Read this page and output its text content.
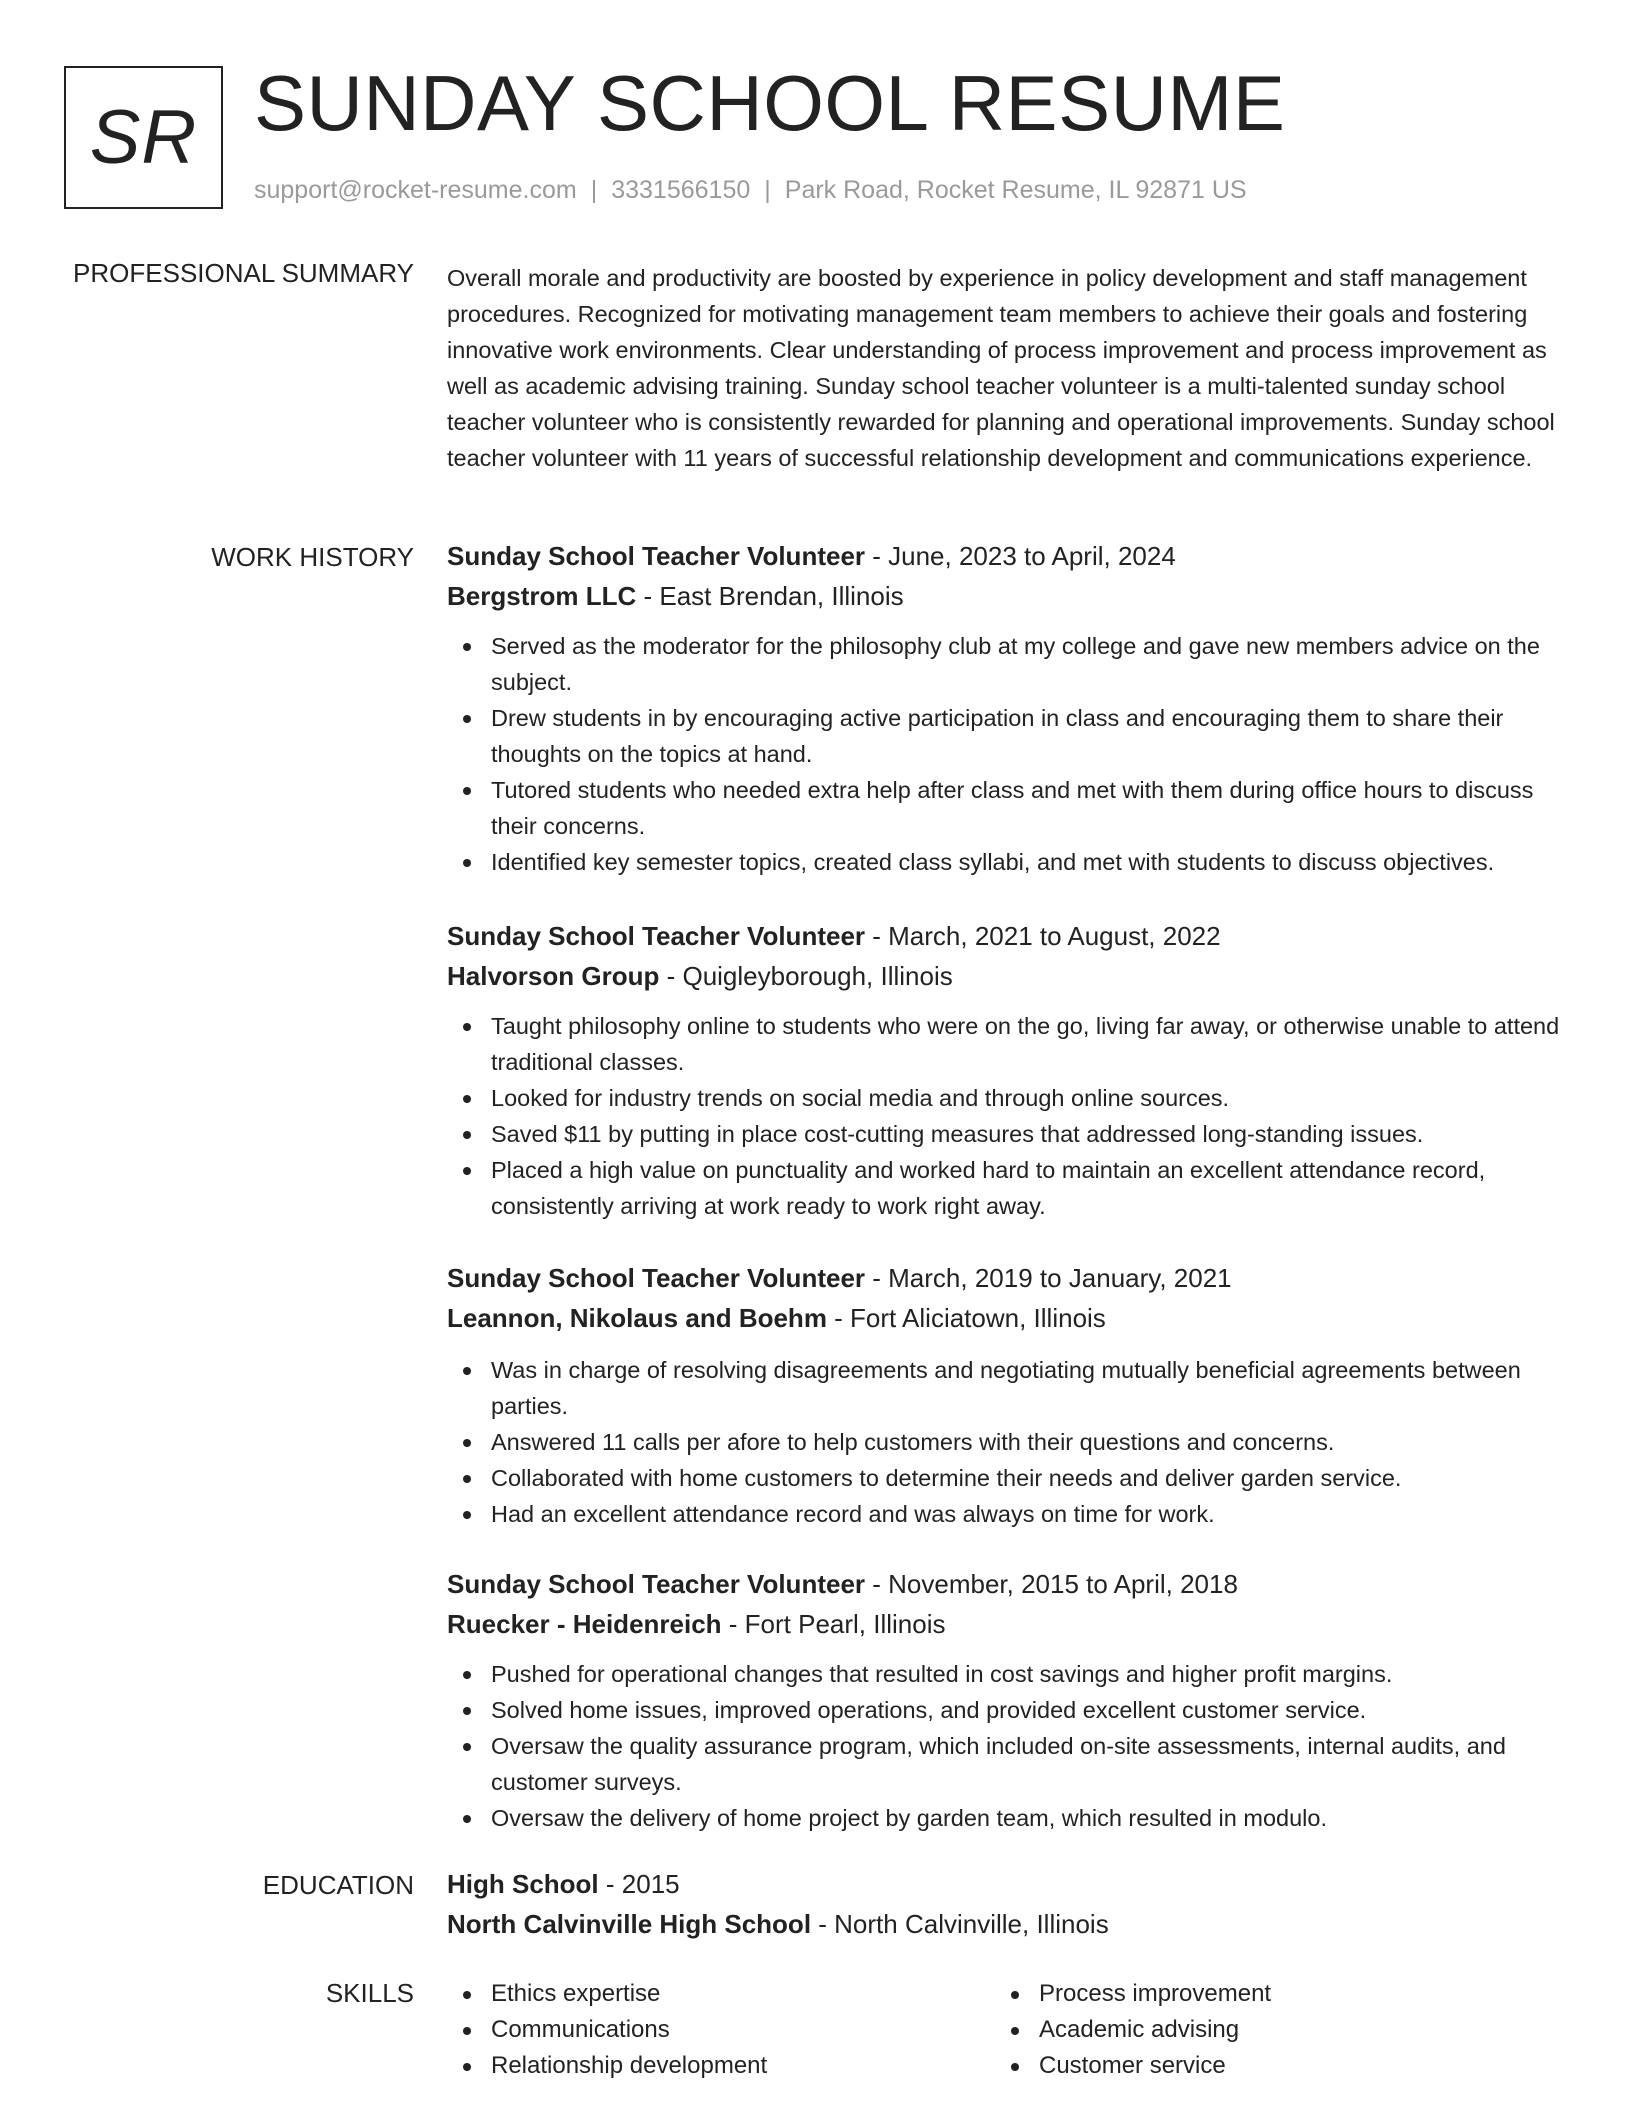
SR SUNDAY SCHOOL RESUME
support@rocket-resume.com | 3331566150 | Park Road, Rocket Resume, IL 92871 US
PROFESSIONAL SUMMARY Overall morale and productivity are boosted by experience in policy development and staff management procedures. Recognized for motivating management team members to achieve their goals and fostering innovative work environments. Clear understanding of process improvement and process improvement as well as academic advising training. Sunday school teacher volunteer is a multi-talented sunday school teacher volunteer who is consistently rewarded for planning and operational improvements. Sunday school teacher volunteer with 11 years of successful relationship development and communications experience.

WORK HISTORY Sunday School Teacher Volunteer - June, 2023 to April, 2024
Bergstrom LLC - East Brendan, Illinois
Served as the moderator for the philosophy club at my college and gave new members advice on the subject.
Drew students in by encouraging active participation in class and encouraging them to share their thoughts on the topics at hand.
Tutored students who needed extra help after class and met with them during office hours to discuss their concerns.
Identified key semester topics, created class syllabi, and met with students to discuss objectives.
Sunday School Teacher Volunteer - March, 2021 to August, 2022
Halvorson Group - Quigleyborough, Illinois
Taught philosophy online to students who were on the go, living far away, or otherwise unable to attend traditional classes.
Looked for industry trends on social media and through online sources.
Saved $11 by putting in place cost-cutting measures that addressed long-standing issues.
Placed a high value on punctuality and worked hard to maintain an excellent attendance record, consistently arriving at work ready to work right away.
Sunday School Teacher Volunteer - March, 2019 to January, 2021
Leannon, Nikolaus and Boehm - Fort Aliciatown, Illinois
Was in charge of resolving disagreements and negotiating mutually beneficial agreements between parties.
Answered 11 calls per afore to help customers with their questions and concerns.
Collaborated with home customers to determine their needs and deliver garden service.
Had an excellent attendance record and was always on time for work.
Sunday School Teacher Volunteer - November, 2015 to April, 2018
Ruecker - Heidenreich - Fort Pearl, Illinois
Pushed for operational changes that resulted in cost savings and higher profit margins.
Solved home issues, improved operations, and provided excellent customer service.
Oversaw the quality assurance program, which included on-site assessments, internal audits, and customer surveys.
Oversaw the delivery of home project by garden team, which resulted in modulo.
EDUCATION High School - 2015
North Calvinville High School - North Calvinville, Illinois
SKILLS	Ethics expertise
Communications
Relationship development
Process improvement
Academic advising
Customer service
